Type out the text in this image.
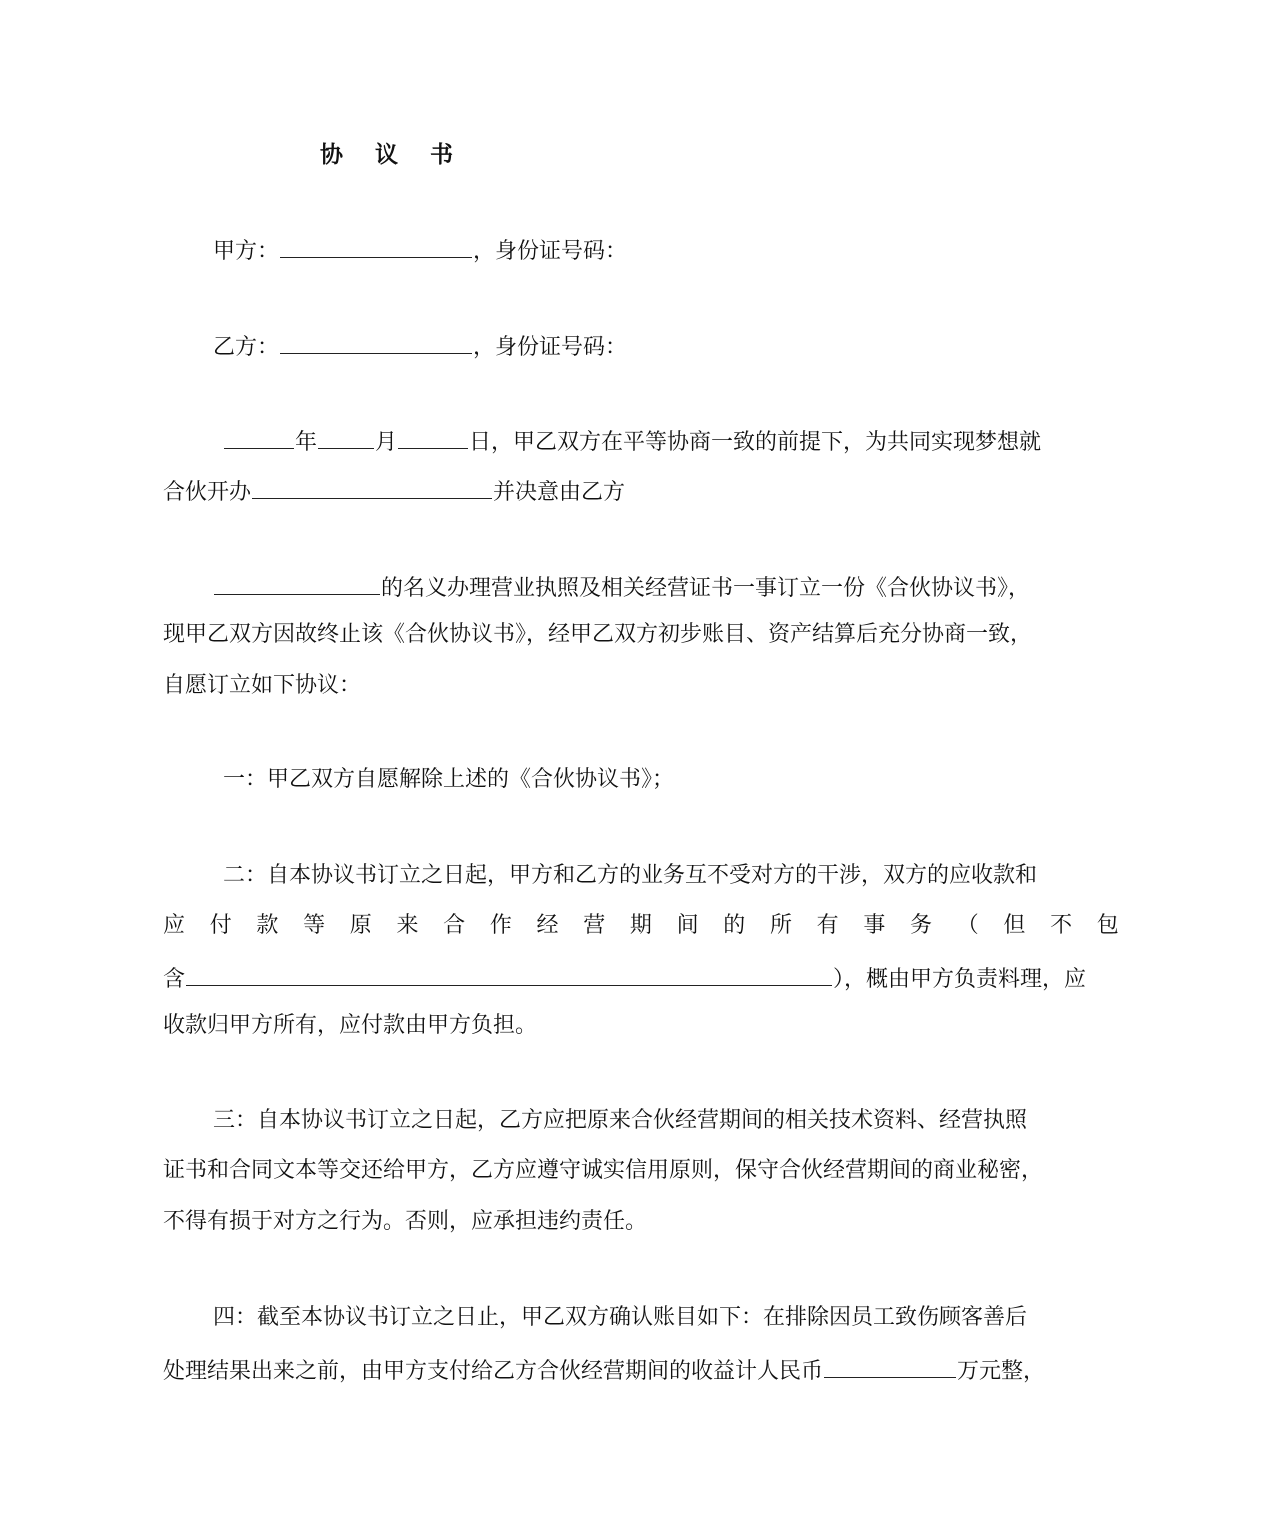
协 议 书
甲方：	，身份证号码：
乙方：	，身份证号码：
年	月	日，甲乙双方在平等协商一致的前提下，为共同实现梦想就
合伙开办	并决意由乙方
的名义办理营业执照及相关经营证书一事订立一份《合伙协议书》，
现甲乙双方因故终止该《合伙协议书》，经甲乙双方初步账目、资产结算后充分协商一致，
自愿订立如下协议：
一：甲乙双方自愿解除上述的《合伙协议书》；
二：自本协议书订立之日起，甲方和乙方的业务互不受对方的干涉，双方的应收款和
应 付 款 等 原 来 合 作 经 营 期 间 的 所 有 事 务 （ 但 不 包
含	），概由甲方负责料理，应
收款归甲方所有，应付款由甲方负担。
三：自本协议书订立之日起，乙方应把原来合伙经营期间的相关技术资料、经营执照
证书和合同文本等交还给甲方，乙方应遵守诚实信用原则，保守合伙经营期间的商业秘密，
不得有损于对方之行为。否则，应承担违约责任。
四：截至本协议书订立之日止，甲乙双方确认账目如下：在排除因员工致伤顾客善后
处理结果出来之前，由甲方支付给乙方合伙经营期间的收益计人民币	万元整，
